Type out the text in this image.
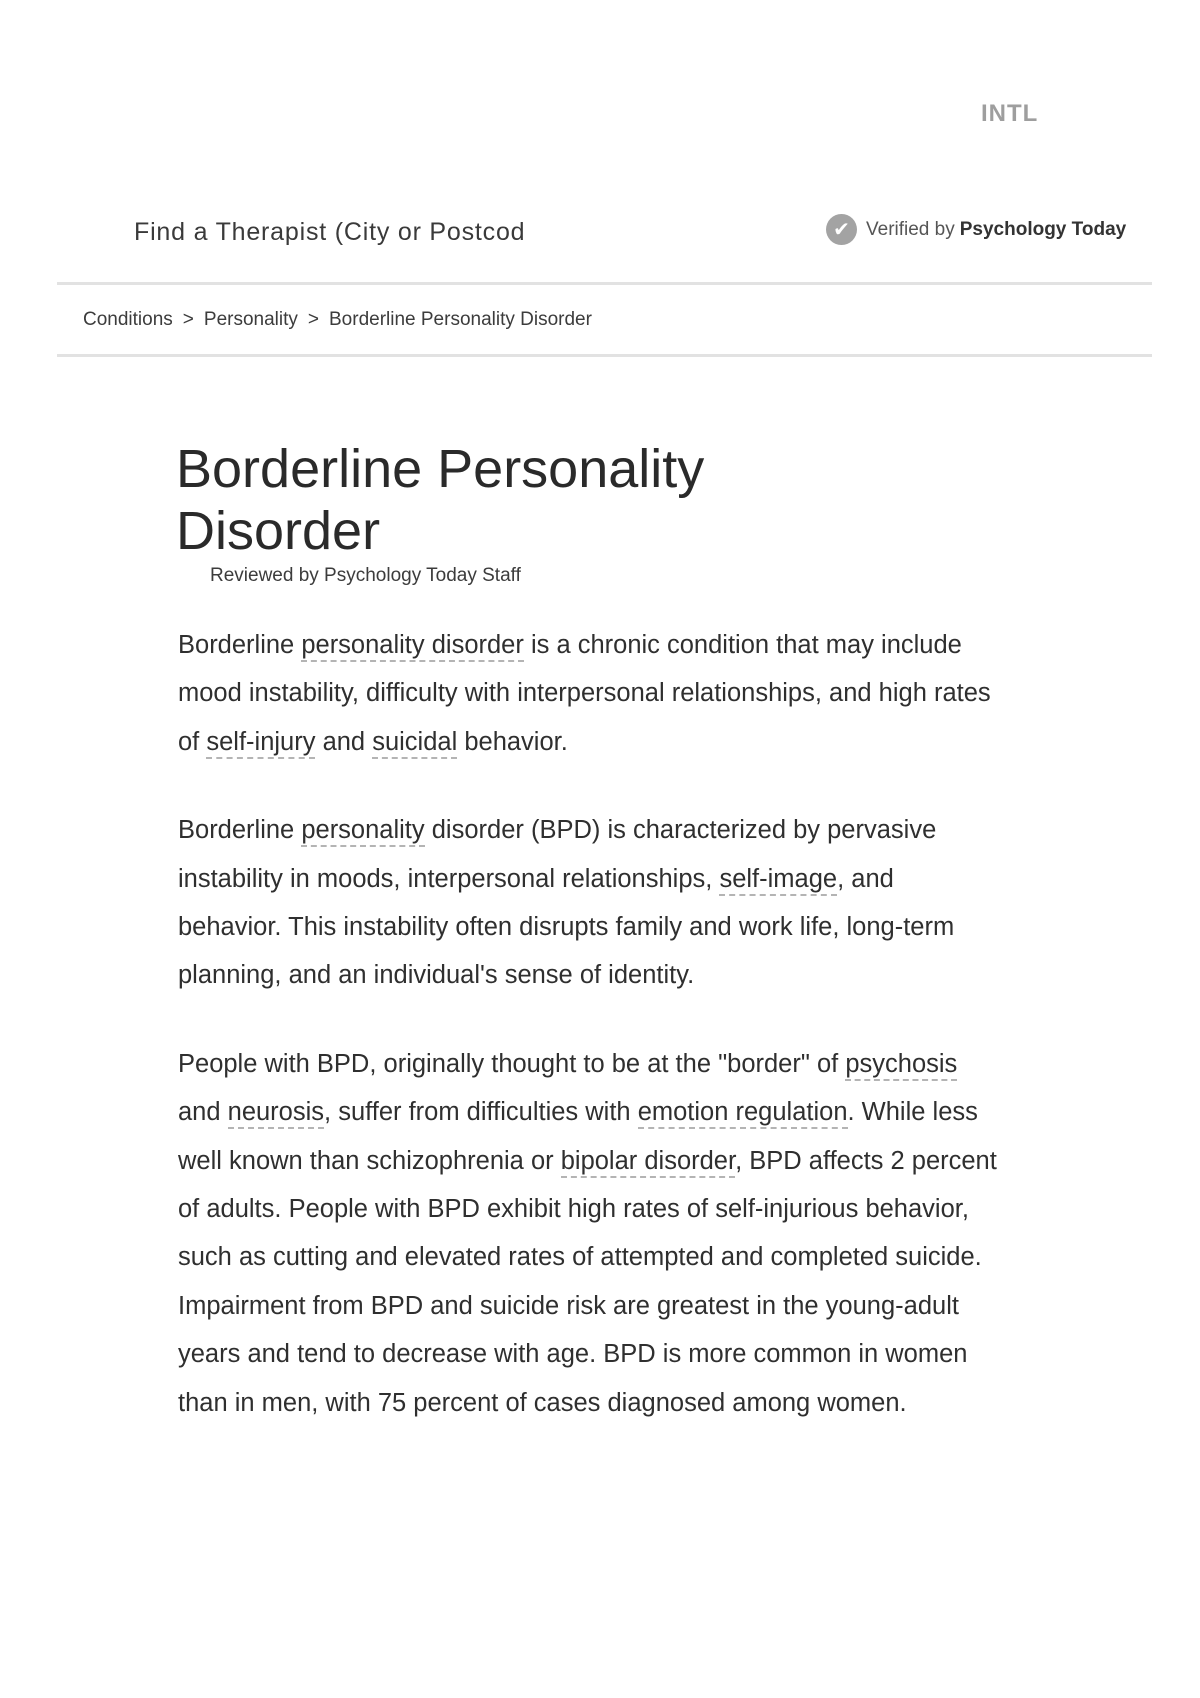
INTL
Find a Therapist (City or Postcod
✔ Verified by Psychology Today
Conditions > Personality > Borderline Personality Disorder
Borderline Personality Disorder
Reviewed by Psychology Today Staff

Borderline personality disorder is a chronic condition that may include mood instability, difficulty with interpersonal relationships, and high rates of self-injury and suicidal behavior.

Borderline personality disorder (BPD) is characterized by pervasive instability in moods, interpersonal relationships, self-image, and behavior. This instability often disrupts family and work life, long-term planning, and an individual's sense of identity.

People with BPD, originally thought to be at the "border" of psychosis and neurosis, suffer from difficulties with emotion regulation. While less well known than schizophrenia or bipolar disorder, BPD affects 2 percent of adults. People with BPD exhibit high rates of self-injurious behavior, such as cutting and elevated rates of attempted and completed suicide. Impairment from BPD and suicide risk are greatest in the young-adult years and tend to decrease with age. BPD is more common in women than in men, with 75 percent of cases diagnosed among women.
